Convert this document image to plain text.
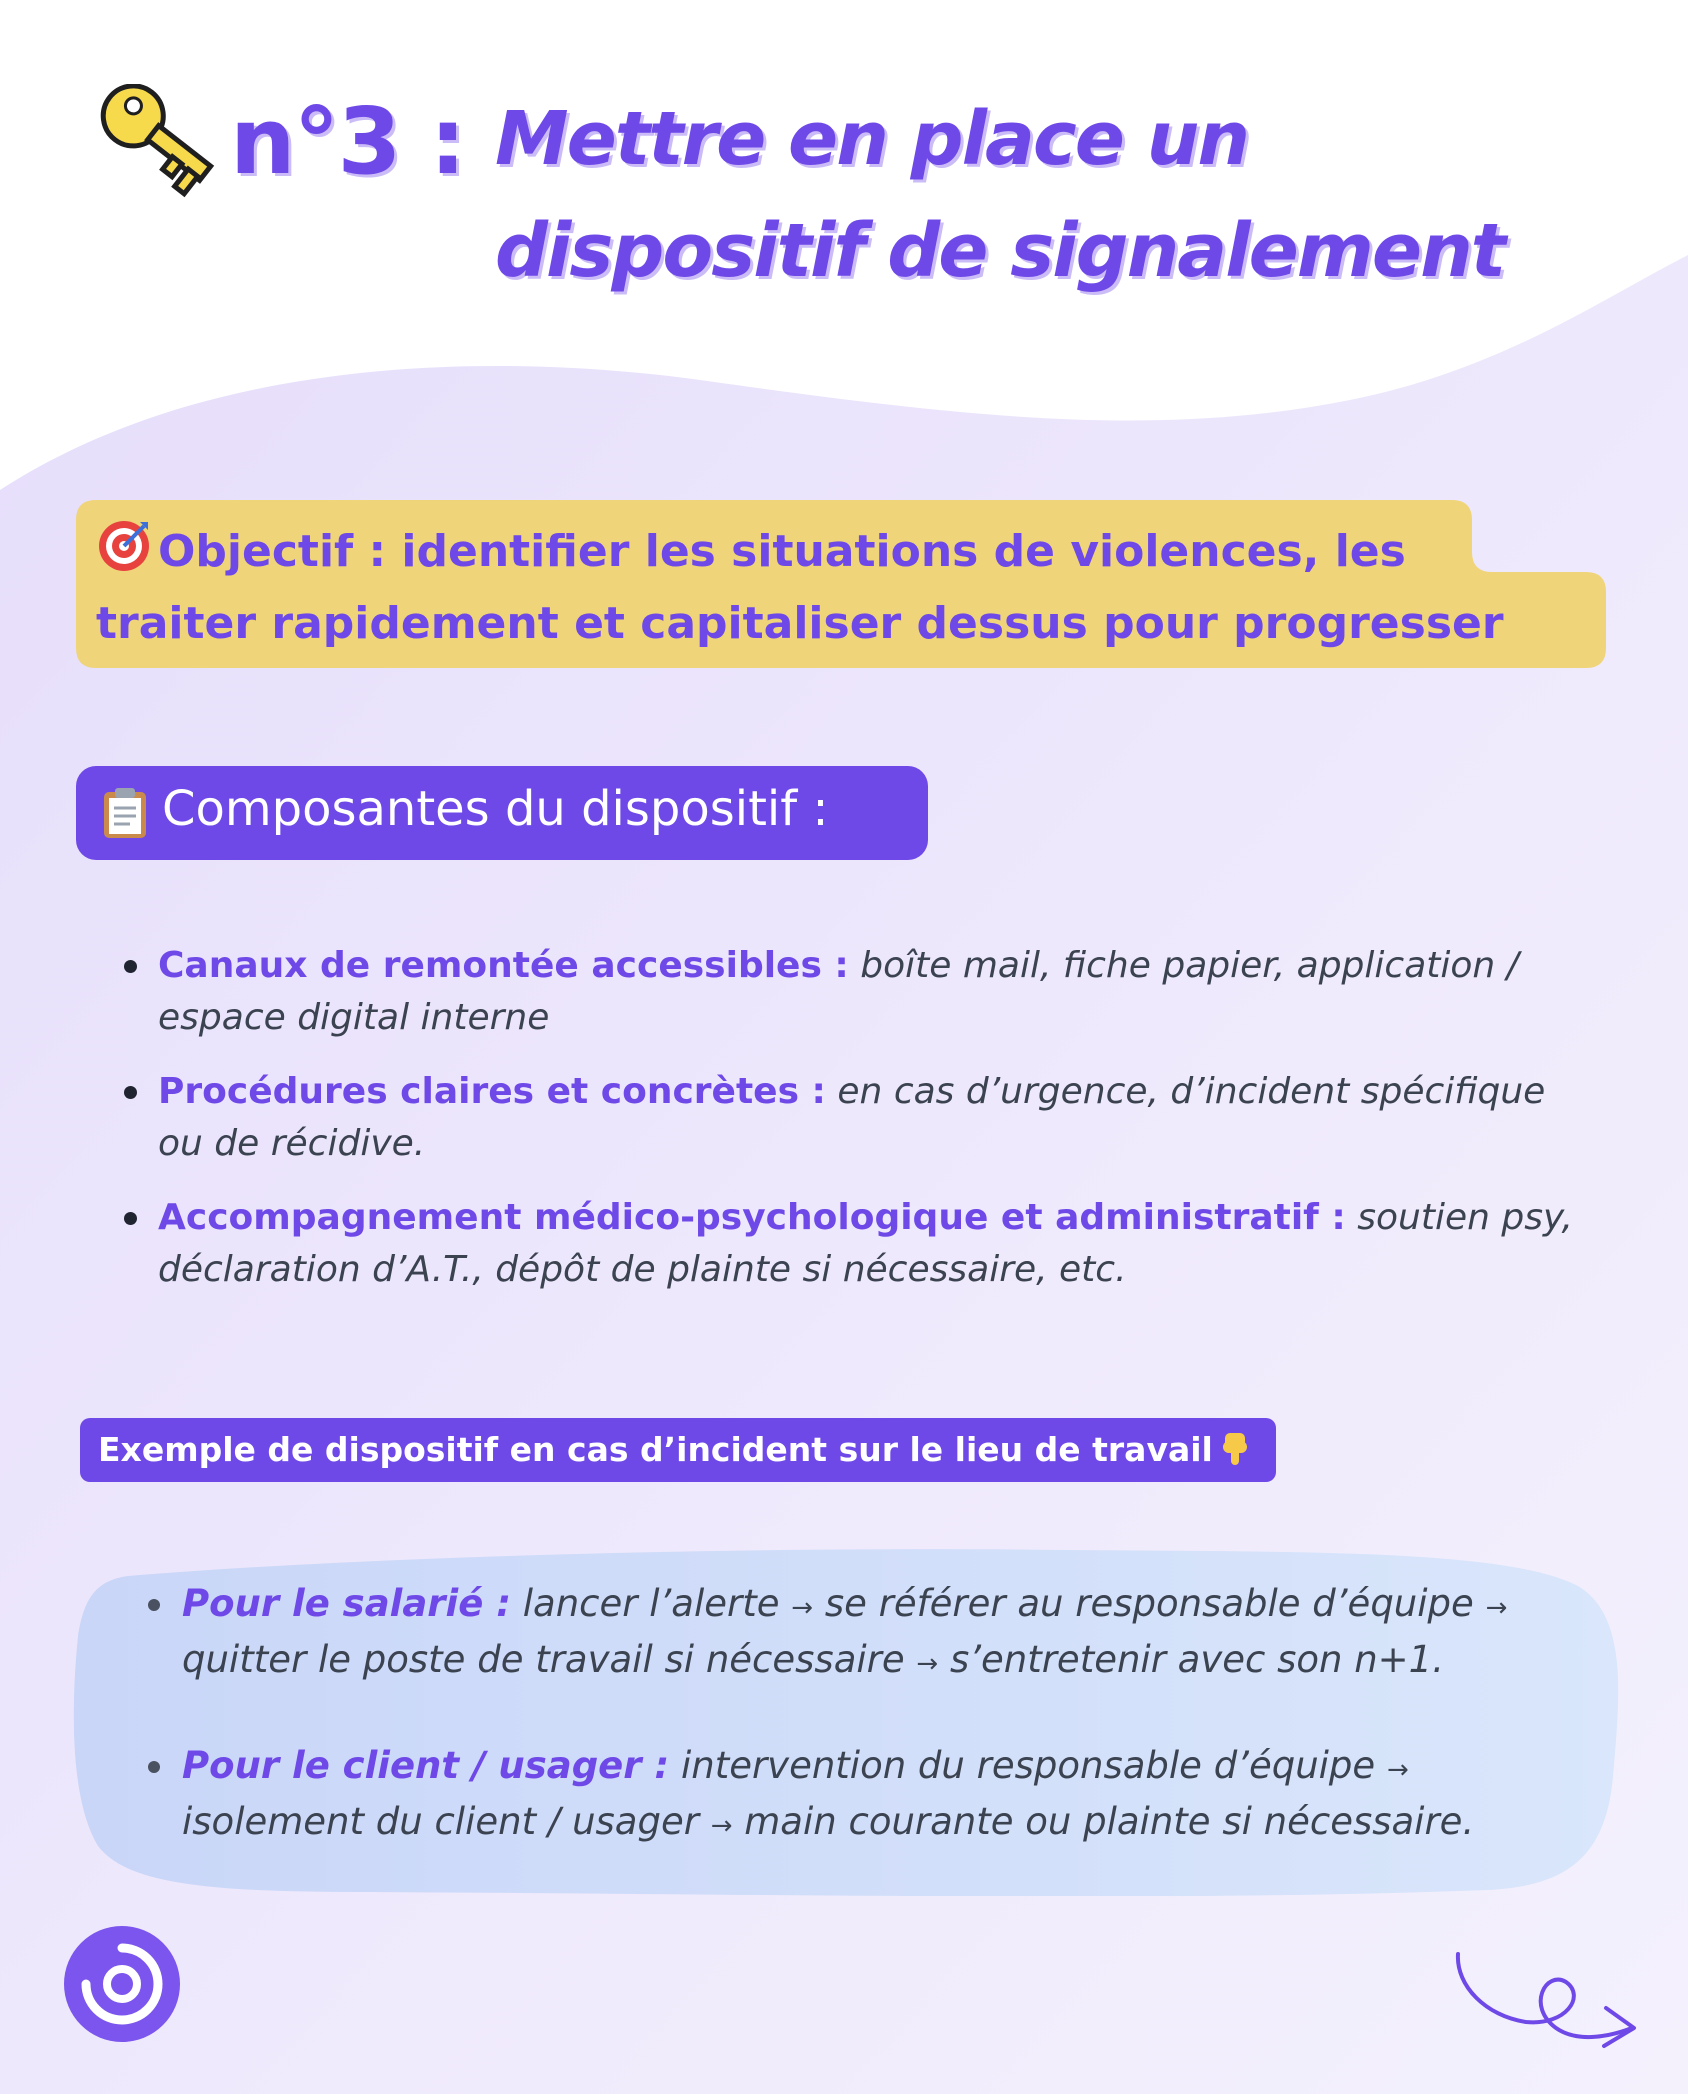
n°3 : Mettre en place un
dispositif de signalement
Objectif : identifier les situations de violences, les
traiter rapidement et capitaliser dessus pour progresser
Composantes du dispositif :
Canaux de remontée accessibles : boîte mail, fiche papier, application /
espace digital interne
Procédures claires et concrètes : en cas d’urgence, d’incident spécifique
ou de récidive.
Accompagnement médico-psychologique et administratif : soutien psy,
déclaration d’A.T., dépôt de plainte si nécessaire, etc.
Exemple de dispositif en cas d’incident sur le lieu de travail
Pour le salarié : lancer l’alerte → se référer au responsable d’équipe →
quitter le poste de travail si nécessaire → s’entretenir avec son n+1.
Pour le client / usager : intervention du responsable d’équipe →
isolement du client / usager → main courante ou plainte si nécessaire.
